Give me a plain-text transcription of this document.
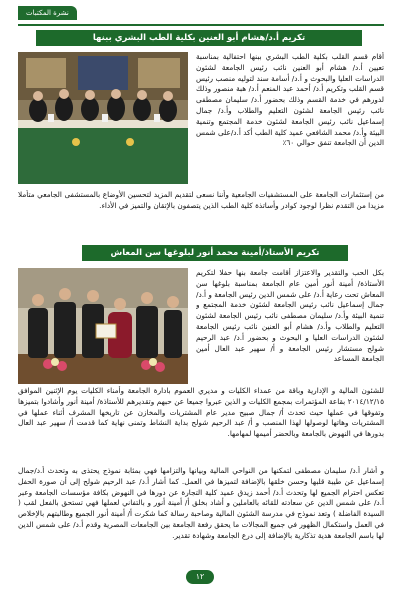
نشرة المكتبات
تكريم أ.د/هشام أبو العنين بكلية الطب البشري ببنها
أقام قسم القلب بكلية الطب البشري ببنها احتفالية بمناسبة تعيين أ.د/ هشام أبو العنين نائب رئيس الجامعة لشئون الدراسات العليا والبحوث و أ.د/ أسامة سند لتوليه منصب رئيس قسم القلب وتكريم أ.د/ أحمد عبد المنعم أ.د/ هبة منصور وذلك لدورهم في خدمة القسم وذلك بحضور أ.د/ سليمان مصطفى نائب رئيس الجامعة لشئون التعليم والطلاب وأ.د/ جمال إسماعيل نائب رئيس الجامعة لشئون خدمة المجتمع وتنمية البيئة وأ.د/ محمد الشافعي عميد كلية الطب أكد أ.د/على شمس الدين أن الجامعة تنفق حوالي ٦٠٪
من إستثمارات الجامعة على المستشفيات الجامعية وأننا نسعى لتقديم المزيد لتحسين الأوضاع بالمستشفى الجامعي متأملا مزيدا من التقدم نظرا لوجود كوادر وأساتذة كلية الطب الذين يتصفون بالإتقان والتميز في الأداء.
تكريم الأستاذ/أمينة محمد أنور لبلوغها سن المعاش
بكل الحب والتقدير والاعتزاز أقامت جامعة بنها حفلا لتكريم الأستاذة/ أمينة أنور أمين عام الجامعة بمناسبة بلوغها سن المعاش تحت رعاية أ.د/ على شمس الدين رئيس الجامعة و أ.د/ جمال إسماعيل نائب رئيس الجامعة لشئون خدمة المجتمع و تنمية البيئة وأ.د/ سليمان مصطفى نائب رئيس الجامعة لشئون التعليم والطلاب وأ.د/ هشام أبو العنين نائب رئيس الجامعة لشئون الدراسات العليا و البحوث و بحضور أ.د/ عبد الرحيم شولح مستشار رئيس الجامعة و أ/ سهير عبد العال أمين الجامعة المساعد
للشئون المالية و الإدارية وباقة من عمداء الكليات و مديري العموم بادارة الجامعة وأمناء الكليات يوم الإثنين الموافق ٢٠١٤/١٢/١٥ بقاعة المؤتمرات بمجمع الكليات و الذين عبروا جميعا عن حبهم وتقديرهم للأستاذة/ أمينة أنور وأشادوا بتميزها وتفوقها في عملها حيث تحدث أ/ جمال صبيح مدير عام المشتريات والمخازن عن تاريخها المشرف أثناء عملها في المشتريات وهاتها لوصولها لهذا المنصب و أ/ عبد الرحيم شولح بداية النشاط وتمنى نهاية كما قدمت أ/ سهير عبد العال بدورها في النهوض بالجامعة وبالحضر أميمها لمهامها.
و أشار أ.د/ سليمان مصطفى لتمكنها من النواحي المالية وبيانها والتزامها فهي بمثابة نموذج يحتذى به وتحدث أ.د/جمال إسماعيل عن طيبة قلبها وحسن خلقها بالإضافة لتميزها في العمل. كما أشار أ.د/ عبد الرحيم شولح إلى أن صورة الحفل تعكس احترام الجميع لها وتحدث أ.د/ أحمد زيدق عميد كلية التجارة عن دورها في النهوض بكافة مؤسسات الجامعة وعبر أ.د/ على شمس الدين عن سعادته للقائه بالعاملين و أشاد بخلق أ/ أمينة أنور و بالتفاني لعملها فهي تستحق بالفعل لقب ( السيدة الفاضلة ) وتعد نموذج في مدرسة الشئون المالية وصاحبة رسالة كما شكرت أ/ أمينة أنور الجميع وطالبتهم بالإخلاص في العمل واستكمال الظهور في جميع المجالات ما يحقق رفعة الجامعة بين الجامعات المصرية وقدم أ.د/ على شمس الدين لها باسم الجامعة هدية تذكارية بالإضافة إلى درع الجامعة وشهادة تقدير.
١٢
